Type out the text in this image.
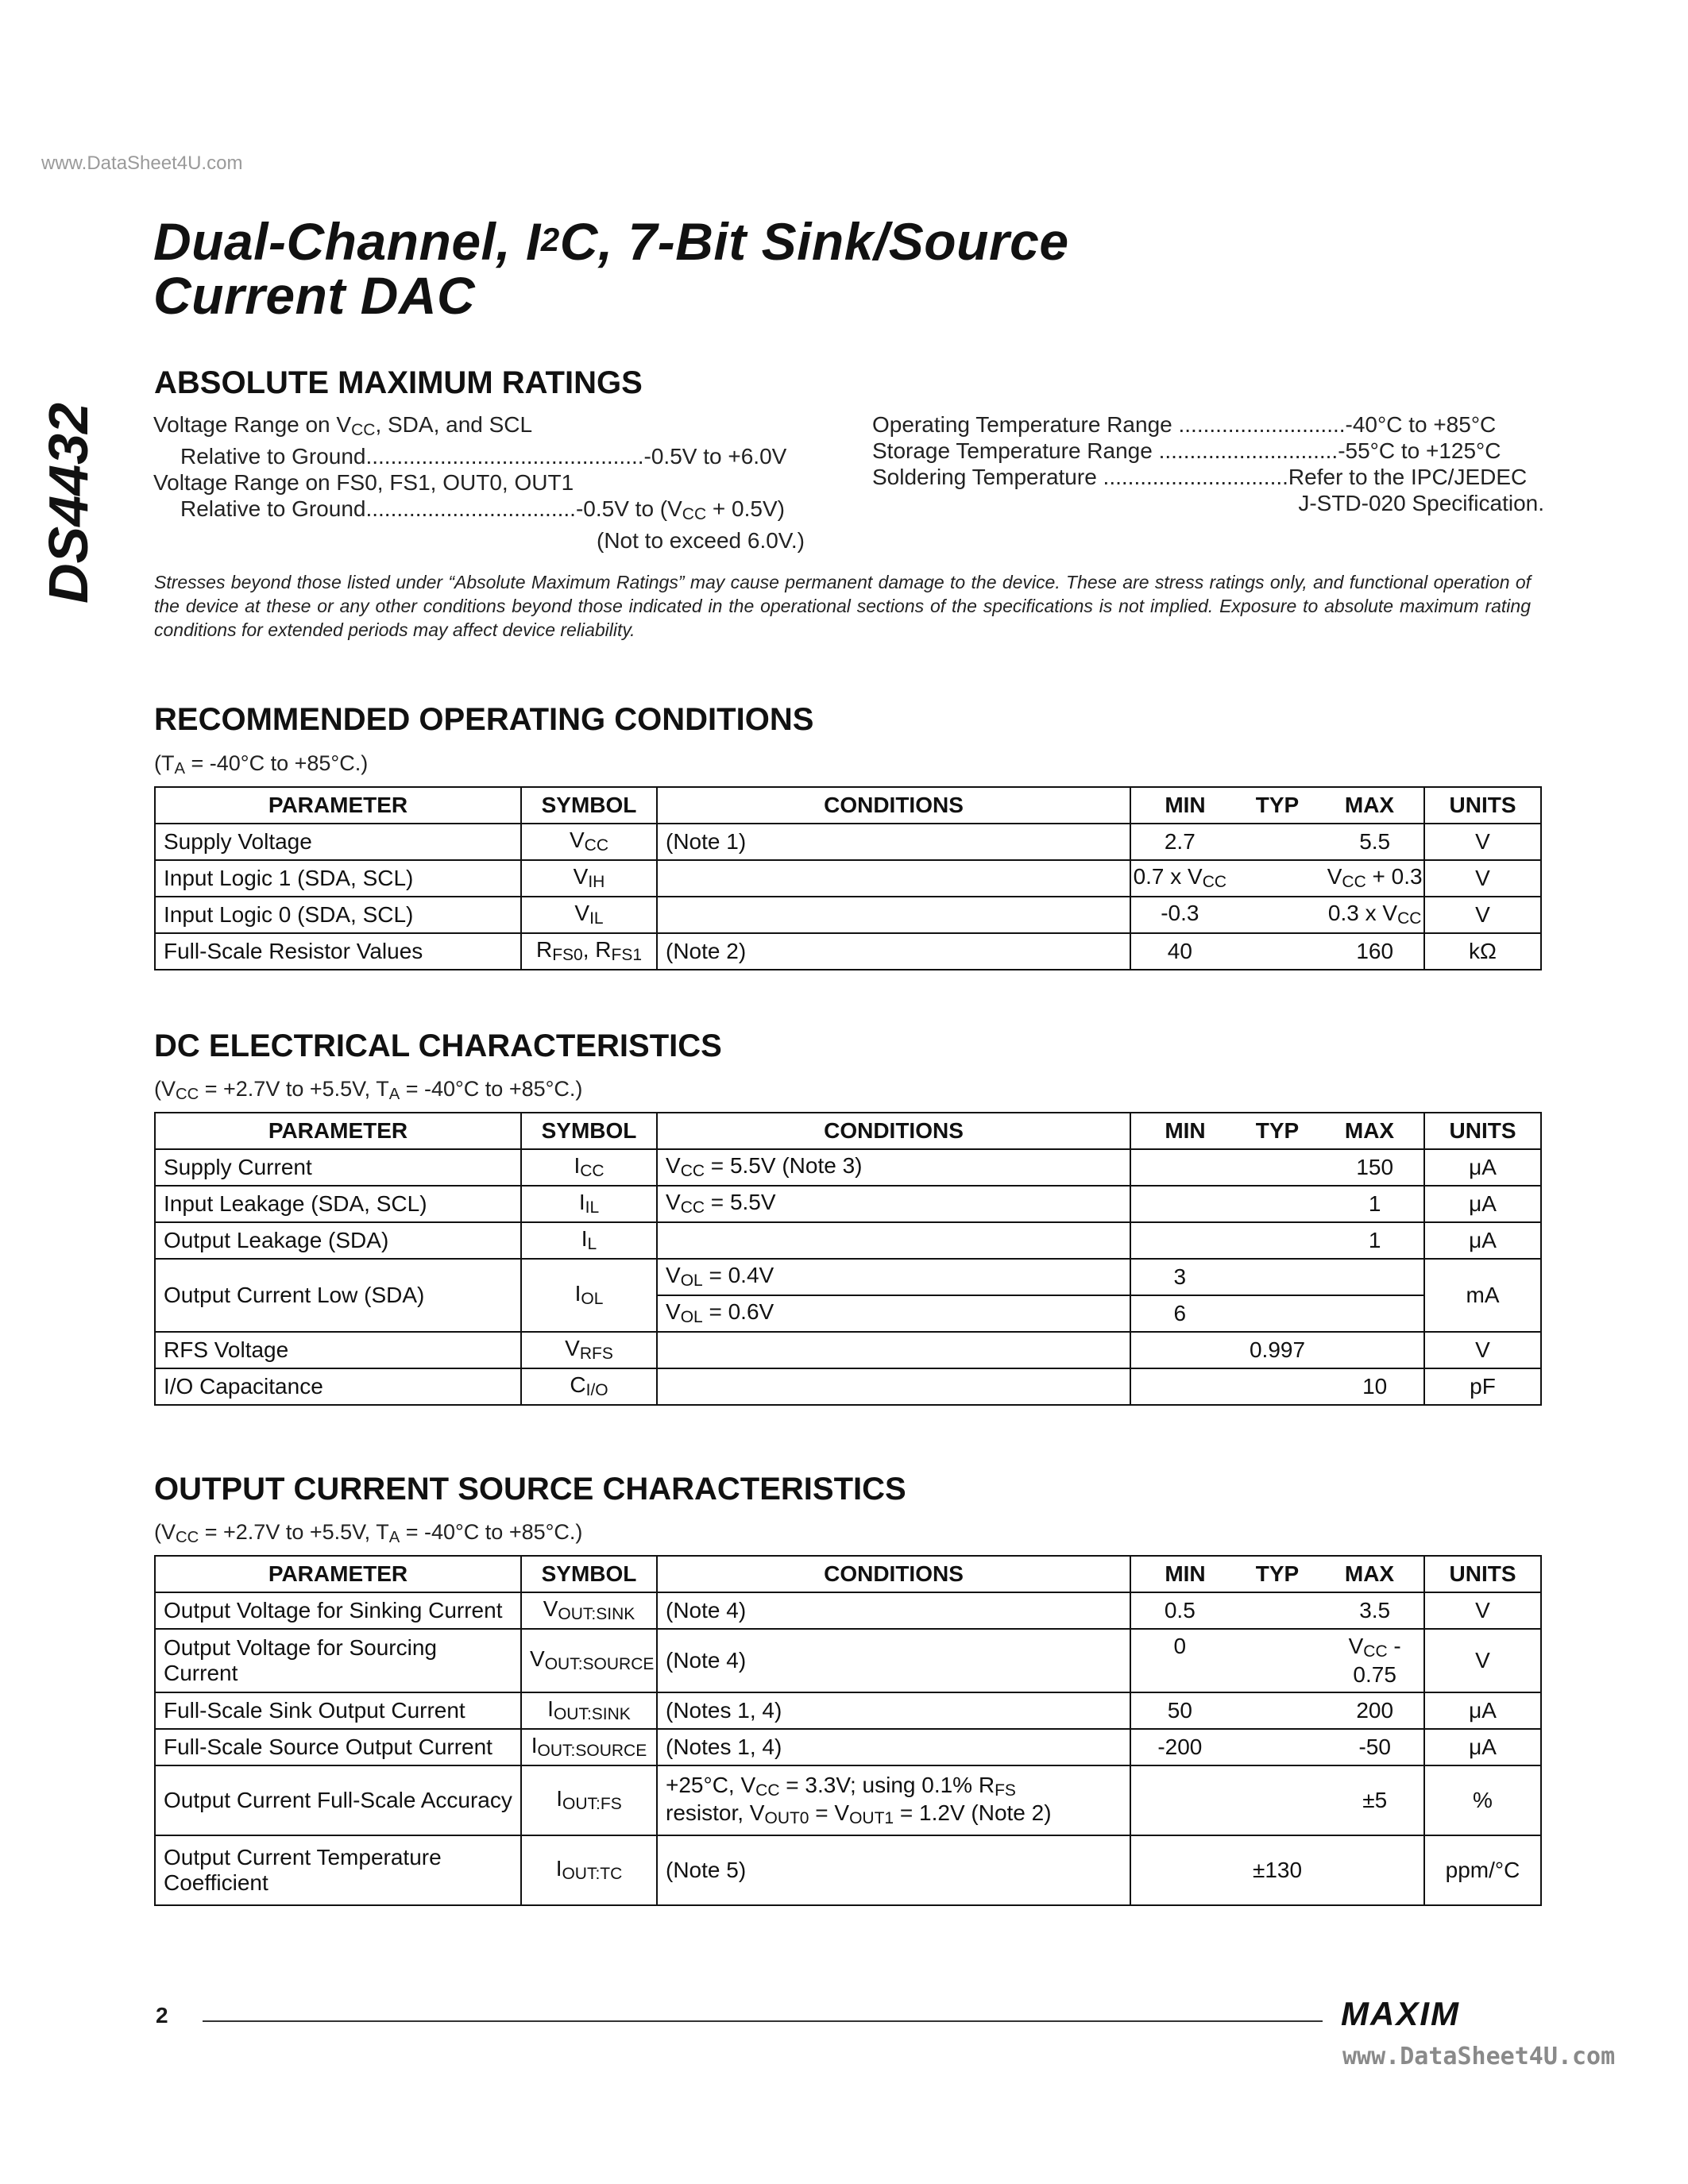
www.DataSheet4U.com
Dual-Channel, $I^2C$, 7-Bit Sink/Source
Current DAC
DS4432
ABSOLUTE MAXIMUM RATINGS
Voltage Range on $V_{CC}$, SDA, and SCL
Relative to Ground.............................................-0.5V to +6.0V
Voltage Range on FS0, FS1, OUT0, OUT1
Relative to Ground..................................-0.5V to $(V_{CC} + 0.5V)$
(Not to exceed 6.0V.)
Operating Temperature Range ...........................-40°C to +85°C
Storage Temperature Range .............................-55°C to +125°C
Soldering Temperature ..............................Refer to the IPC/JEDEC
J-STD-020 Specification.
Stresses beyond those listed under “Absolute Maximum Ratings” may cause permanent damage to the device. These are stress ratings only, and functional operation of the device at these or any other conditions beyond those indicated in the operational sections of the specifications is not implied. Exposure to absolute maximum rating conditions for extended periods may affect device reliability.
RECOMMENDED OPERATING CONDITIONS
($T_A = -40^\circ C$ to +85°C.)
PARAMETER	SYMBOL	CONDITIONS	MIN TYP MAX	UNITS
Supply Voltage	$V_{CC}$	(Note 1)	2.7 5.5	V
Input Logic 1 (SDA, SCL)	$V_{IH}$		0.7 x $V_{CC}$ $V_{CC} + 0.3$	V
Input Logic 0 (SDA, SCL)	$V_{IL}$		-0.3 0.3 x $V_{CC}$	V
Full-Scale Resistor Values	$R_{FS0}$, $R_{FS1}$	(Note 2)	40 160	kΩ
DC ELECTRICAL CHARACTERISTICS
($V_{CC} = +2.7V$ to +5.5V, $T_A = -40^\circ C$ to +85°C.)
PARAMETER	SYMBOL	CONDITIONS	MIN TYP MAX	UNITS
Supply Current	$I_{CC}$	$V_{CC} = 5.5V$ (Note 3)	150	μA
Input Leakage (SDA, SCL)	$I_{IL}$	$V_{CC} = 5.5V$	1	μA
Output Leakage (SDA)	$I_L$		1	μA
Output Current Low (SDA)	$I_{OL}$	$V_{OL} = 0.4V$	3	mA
		$V_{OL} = 0.6V$	6	

RFS Voltage	$V_{RFS}$		0.997	V
I/O Capacitance	$C_{I/O}$		10	pF
OUTPUT CURRENT SOURCE CHARACTERISTICS
($V_{CC} = +2.7V$ to +5.5V, $T_A = -40^\circ C$ to +85°C.)
PARAMETER	SYMBOL	CONDITIONS	MIN TYP MAX	UNITS
Output Voltage for Sinking Current	$V_{OUT:SINK}$	(Note 4)	0.5 3.5	V
Output Voltage for Sourcing Current	$V_{OUT:SOURCE}$	(Note 4)	0 $V_{CC} - 0.75$	V
Full-Scale Sink Output Current	$I_{OUT:SINK}$	(Notes 1, 4)	50 200	μA
Full-Scale Source Output Current	$I_{OUT:SOURCE}$	(Notes 1, 4)	-200 -50	μA
Output Current Full-Scale Accuracy	$I_{OUT:FS}$	+25°C, $V_{CC} = 3.3V$; using 0.1% $R_{FS}$
resistor, $V_{OUT0} = V_{OUT1} = 1.2V$ (Note 2)	±5	%
Output Current Temperature Coefficient	$I_{OUT:TC}$	(Note 5)	±130	ppm/°C
2	MAXIM
www.DataSheet4U.com
